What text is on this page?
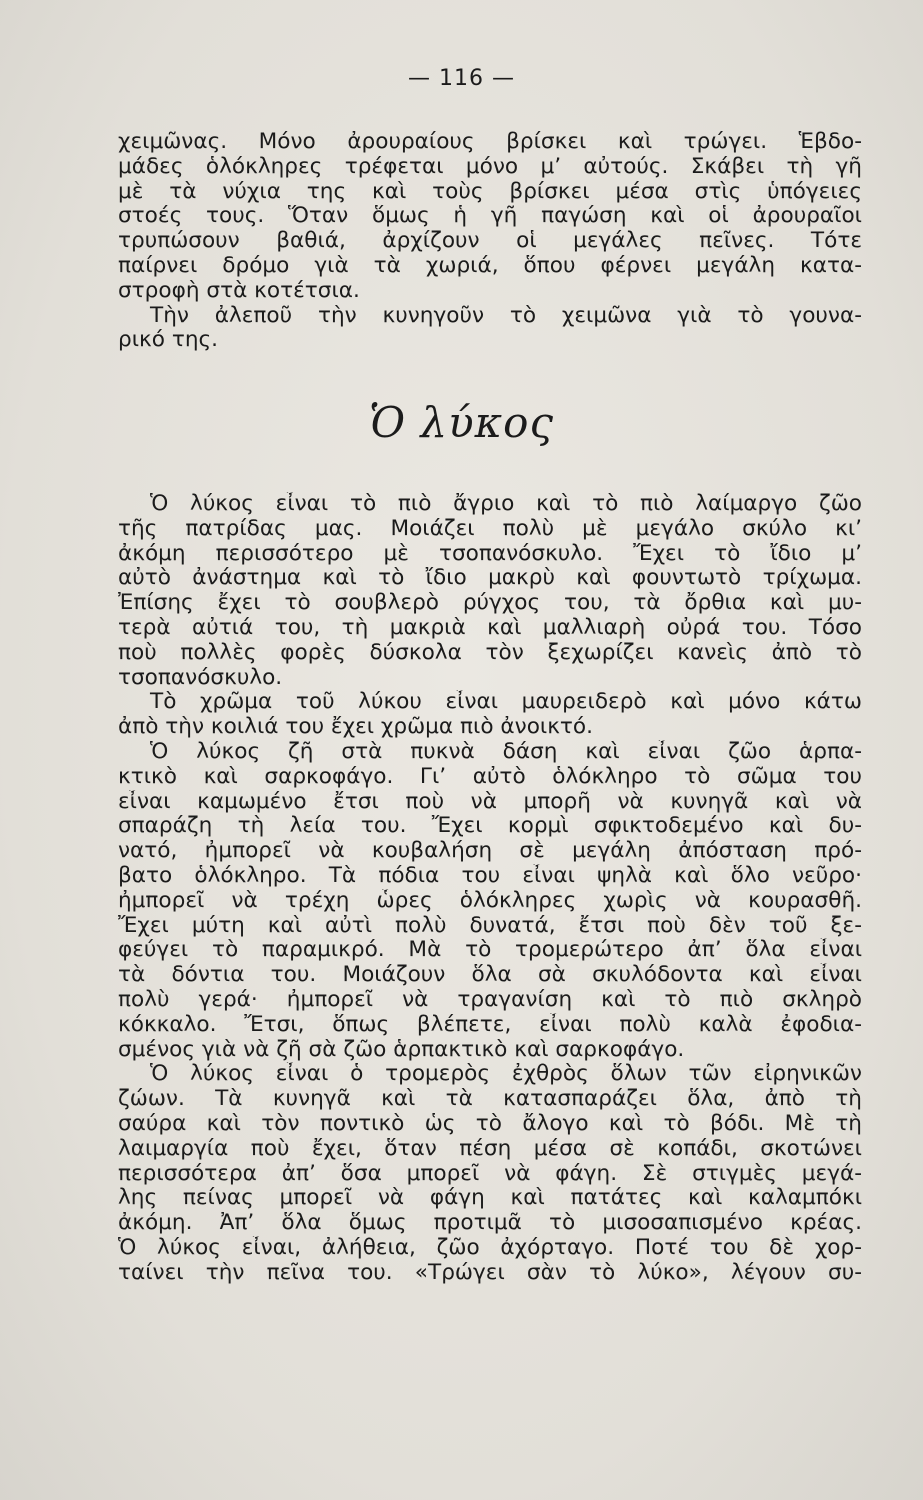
— 116 —
χειμῶνας. Μόνο ἀρουραίους βρίσκει καὶ τρώγει. Ἑβδο-
μάδες ὁλόκληρες τρέφεται μόνο μ’ αὐτούς. Σκάβει τὴ γῆ
μὲ τὰ νύχια της καὶ τοὺς βρίσκει μέσα στὶς ὑπόγειες
στοές τους. Ὅταν ὅμως ἡ γῆ παγώση καὶ οἱ ἀρουραῖοι
τρυπώσουν βαθιά, ἀρχίζουν οἱ μεγάλες πεῖνες. Τότε
παίρνει δρόμο γιὰ τὰ χωριά, ὅπου φέρνει μεγάλη κατα-
στροφὴ στὰ κοτέτσια.
Τὴν ἀλεποῦ τὴν κυνηγοῦν τὸ χειμῶνα γιὰ τὸ γουνα-
ρικό της.
Ὁ λύκος
Ὁ λύκος εἶναι τὸ πιὸ ἄγριο καὶ τὸ πιὸ λαίμαργο ζῶο
τῆς πατρίδας μας. Μοιάζει πολὺ μὲ μεγάλο σκύλο κι’
ἀκόμη περισσότερο μὲ τσοπανόσκυλο. Ἔχει τὸ ἴδιο μ’
αὐτὸ ἀνάστημα καὶ τὸ ἴδιο μακρὺ καὶ φουντωτὸ τρίχωμα.
Ἐπίσης ἔχει τὸ σουβλερὸ ρύγχος του, τὰ ὄρθια καὶ μυ-
τερὰ αὐτιά του, τὴ μακριὰ καὶ μαλλιαρὴ οὐρά του. Τόσο
ποὺ πολλὲς φορὲς δύσκολα τὸν ξεχωρίζει κανεὶς ἀπὸ τὸ
τσοπανόσκυλο.
Τὸ χρῶμα τοῦ λύκου εἶναι μαυρειδερὸ καὶ μόνο κάτω
ἀπὸ τὴν κοιλιά του ἔχει χρῶμα πιὸ ἀνοικτό.
Ὁ λύκος ζῆ στὰ πυκνὰ δάση καὶ εἶναι ζῶο ἁρπα-
κτικὸ καὶ σαρκοφάγο. Γι’ αὐτὸ ὁλόκληρο τὸ σῶμα του
εἶναι καμωμένο ἔτσι ποὺ νὰ μπορῆ νὰ κυνηγᾶ καὶ νὰ
σπαράζη τὴ λεία του. Ἔχει κορμὶ σφικτοδεμένο καὶ δυ-
νατό, ἠμπορεῖ νὰ κουβαλήση σὲ μεγάλη ἀπόσταση πρό-
βατο ὁλόκληρο. Τὰ πόδια του εἶναι ψηλὰ καὶ ὅλο νεῦρο·
ἠμπορεῖ νὰ τρέχη ὧρες ὁλόκληρες χωρὶς νὰ κουρασθῆ.
Ἔχει μύτη καὶ αὐτὶ πολὺ δυνατά, ἔτσι ποὺ δὲν τοῦ ξε-
φεύγει τὸ παραμικρό. Μὰ τὸ τρομερώτερο ἀπ’ ὅλα εἶναι
τὰ δόντια του. Μοιάζουν ὅλα σὰ σκυλόδοντα καὶ εἶναι
πολὺ γερά· ἠμπορεῖ νὰ τραγανίση καὶ τὸ πιὸ σκληρὸ
κόκκαλο. Ἔτσι, ὅπως βλέπετε, εἶναι πολὺ καλὰ ἐφοδια-
σμένος γιὰ νὰ ζῆ σὰ ζῶο ἁρπακτικὸ καὶ σαρκοφάγο.
Ὁ λύκος εἶναι ὁ τρομερὸς ἐχθρὸς ὅλων τῶν εἰρηνικῶν
ζώων. Τὰ κυνηγᾶ καὶ τὰ κατασπαράζει ὅλα, ἀπὸ τὴ
σαύρα καὶ τὸν ποντικὸ ὡς τὸ ἄλογο καὶ τὸ βόδι. Μὲ τὴ
λαιμαργία ποὺ ἔχει, ὅταν πέση μέσα σὲ κοπάδι, σκοτώνει
περισσότερα ἀπ’ ὅσα μπορεῖ νὰ φάγη. Σὲ στιγμὲς μεγά-
λης πείνας μπορεῖ νὰ φάγη καὶ πατάτες καὶ καλαμπόκι
ἀκόμη. Ἀπ’ ὅλα ὅμως προτιμᾶ τὸ μισοσαπισμένο κρέας.
Ὁ λύκος εἶναι, ἀλήθεια, ζῶο ἀχόρταγο. Ποτέ του δὲ χορ-
ταίνει τὴν πεῖνα του. «Τρώγει σὰν τὸ λύκο», λέγουν συ-
